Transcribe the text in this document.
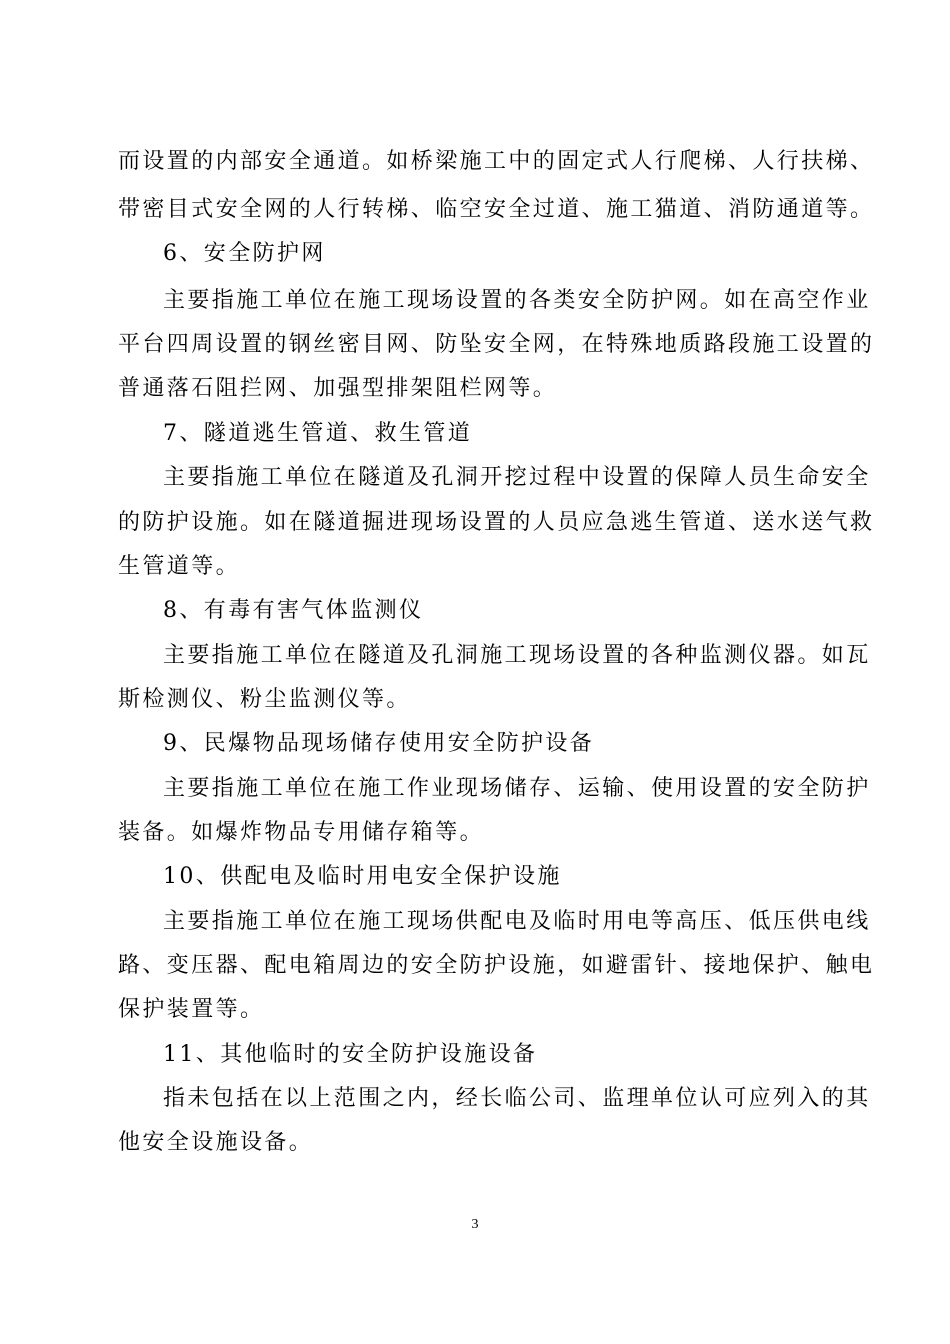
而设置的内部安全通道。如桥梁施工中的固定式人行爬梯、人行扶梯、
带密目式安全网的人行转梯、临空安全过道、施工猫道、消防通道等。
6、安全防护网
主要指施工单位在施工现场设置的各类安全防护网。如在高空作业
平台四周设置的钢丝密目网、防坠安全网，在特殊地质路段施工设置的
普通落石阻拦网、加强型排架阻栏网等。
7、隧道逃生管道、救生管道
主要指施工单位在隧道及孔洞开挖过程中设置的保障人员生命安全
的防护设施。如在隧道掘进现场设置的人员应急逃生管道、送水送气救
生管道等。
8、有毒有害气体监测仪
主要指施工单位在隧道及孔洞施工现场设置的各种监测仪器。如瓦
斯检测仪、粉尘监测仪等。
9、民爆物品现场储存使用安全防护设备
主要指施工单位在施工作业现场储存、运输、使用设置的安全防护
装备。如爆炸物品专用储存箱等。
10、供配电及临时用电安全保护设施
主要指施工单位在施工现场供配电及临时用电等高压、低压供电线
路、变压器、配电箱周边的安全防护设施，如避雷针、接地保护、触电
保护装置等。
11、其他临时的安全防护设施设备
指未包括在以上范围之内，经长临公司、监理单位认可应列入的其
他安全设施设备。
3
